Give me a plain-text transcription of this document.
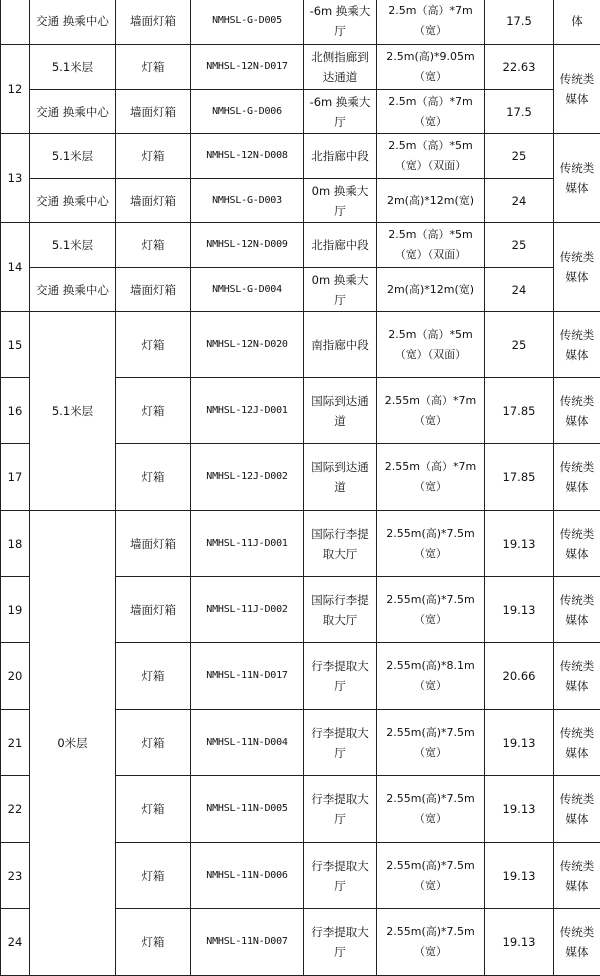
	交通 换乘中心	墙面灯箱	NMHSL-G-D005	-6m 换乘大厅	2.5m（高）*7m（宽）	17.5	体
12	5.1米层	灯箱	NMHSL-12N-D017	北侧指廊到达通道	2.5m(高)*9.05m（宽）	22.63	传统类媒体
	交通 换乘中心	墙面灯箱	NMHSL-G-D006	-6m 换乘大厅	2.5m（高）*7m（宽）	17.5	
13	5.1米层	灯箱	NMHSL-12N-D008	北指廊中段	2.5m（高）*5m（宽）（双面）	25	传统类媒体
	交通 换乘中心	墙面灯箱	NMHSL-G-D003	0m 换乘大厅	2m(高)*12m(宽)	24	
14	5.1米层	灯箱	NMHSL-12N-D009	北指廊中段	2.5m（高）*5m（宽）（双面）	25	传统类媒体
	交通 换乘中心	墙面灯箱	NMHSL-G-D004	0m 换乘大厅	2m(高)*12m(宽)	24	
15	5.1米层	灯箱	NMHSL-12N-D020	南指廊中段	2.5m（高）*5m（宽）（双面）	25	传统类媒体
16		灯箱	NMHSL-12J-D001	国际到达通道	2.55m（高）*7m（宽）	17.85	传统类媒体
17		灯箱	NMHSL-12J-D002	国际到达通道	2.55m（高）*7m（宽）	17.85	传统类媒体
18	0米层	墙面灯箱	NMHSL-11J-D001	国际行李提取大厅	2.55m(高)*7.5m（宽）	19.13	传统类媒体
19		墙面灯箱	NMHSL-11J-D002	国际行李提取大厅	2.55m(高)*7.5m（宽）	19.13	传统类媒体
20		灯箱	NMHSL-11N-D017	行李提取大厅	2.55m(高)*8.1m（宽）	20.66	传统类媒体
21		灯箱	NMHSL-11N-D004	行李提取大厅	2.55m(高)*7.5m（宽）	19.13	传统类媒体
22		灯箱	NMHSL-11N-D005	行李提取大厅	2.55m(高)*7.5m（宽）	19.13	传统类媒体
23		灯箱	NMHSL-11N-D006	行李提取大厅	2.55m(高)*7.5m（宽）	19.13	传统类媒体
24		灯箱	NMHSL-11N-D007	行李提取大厅	2.55m(高)*7.5m（宽）	19.13	传统类媒体
